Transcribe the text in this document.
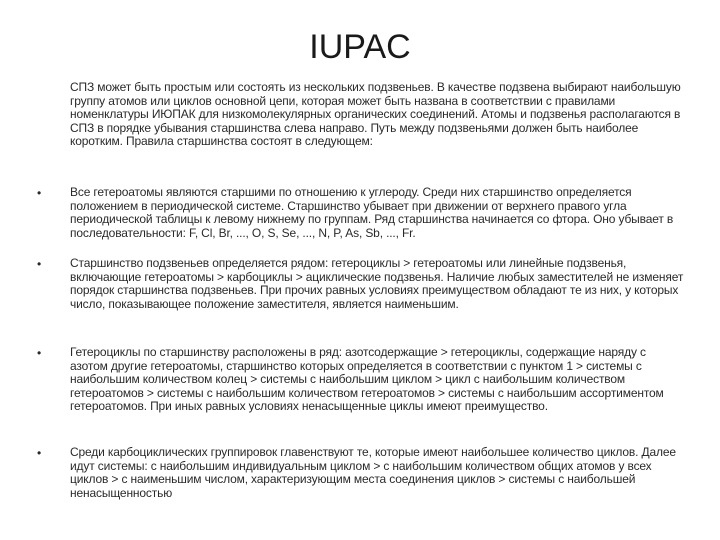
IUPAC
СПЗ может быть простым или состоять из нескольких подзвеньев. В качестве подзвена выбирают наибольшую группу атомов или циклов основной цепи, которая может быть названа в соответствии с правилами номенклатуры ИЮПАК для низкомолекулярных органических соединений. Атомы и подзвенья располагаются в СПЗ в порядке убывания старшинства слева направо. Путь между подзвеньями должен быть наиболее коротким. Правила старшинства состоят в следующем:
• Все гетероатомы являются старшими по отношению к углероду. Среди них старшинство определяется положением в периодической системе. Старшинство убывает при движении от верхнего правого угла периодической таблицы к левому нижнему по группам. Ряд старшинства начинается со фтора. Оно убывает в последовательности: F, Cl, Br, ..., O, S, Se, ..., N, P, As, Sb, ..., Fr.
• Старшинство подзвеньев определяется рядом: гетероциклы > гетероатомы или линейные подзвенья, включающие гетероатомы > карбоциклы > ациклические подзвенья. Наличие любых заместителей не изменяет порядок старшинства подзвеньев. При прочих равных условиях преимуществом обладают те из них, у которых число, показывающее положение заместителя, является наименьшим.
• Гетероциклы по старшинству расположены в ряд: азотсодержащие > гетероциклы, содержащие наряду с азотом другие гетероатомы, старшинство которых определяется в соответствии с пунктом 1 > системы с наибольшим количеством колец > системы с наибольшим циклом > цикл с наибольшим количеством гетероатомов > системы с наибольшим количеством гетероатомов > системы с наибольшим ассортиментом гетероатомов. При иных равных условиях ненасыщенные циклы имеют преимущество.
• Среди карбоциклических группировок главенствуют те, которые имеют наибольшее количество циклов. Далее идут системы: с наибольшим индивидуальным циклом > с наибольшим количеством общих атомов у всех циклов > с наименьшим числом, характеризующим места соединения циклов > системы с наибольшей ненасыщенностью
